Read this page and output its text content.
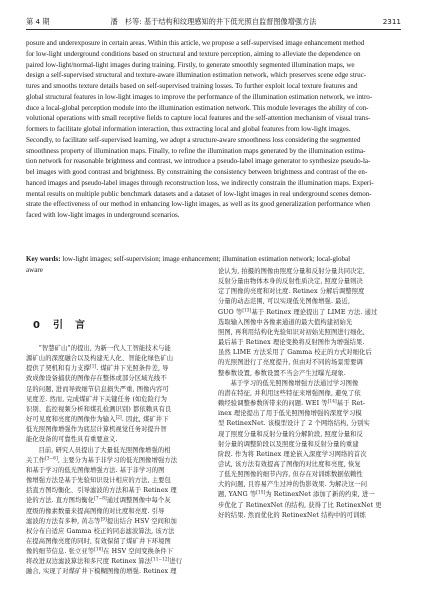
第 4 期	潘　杉等: 基于结构和纹理感知的井下低光照自监督图像增强方法	2311

posure and underexposure in certain areas. Within this article, we propose a self-supervised image enhancement method

for low-light underground conditions based on structural and texture perception, aiming to alleviate the dependence on

paired low-light/normal-light images during training. Firstly, to generate smoothly segmented illumination maps, we

design a self-supervised structural and texture-aware illumination estimation network, which preserves scene edge struc-

tures and smooths texture details based on self-supervised training losses. To further exploit local texture features and

global structural features in low-light images to improve the performance of the illumination estimation network, we intro-

duce a local-global perception module into the illumination estimation network. This module leverages the ability of con-

volutional operations with small receptive fields to capture local features and the self-attention mechanism of visual trans-

formers to facilitate global information interaction, thus extracting local and global features from low-light images.

Secondly, to facilitate self-supervised learning, we adopt a structure-aware smoothness loss considering the segmented

smoothness property of illumination maps. Finally, to refine the illumination maps generated by the illumination estima-

tion network for reasonable brightness and contrast, we introduce a pseudo-label image generator to synthesize pseudo-la-

bel images with good contrast and brightness. By constraining the consistency between brightness and contrast of the en-

hanced images and pseudo-label images through reconstruction loss, we indirectly constrain the illumination maps. Experi-

mental results on multiple public benchmark datasets and a dataset of low-light images in real underground scenes demon-

strate the effectiveness of our method in enhancing low-light images, as well as its good generalization performance when

faced with low-light images in underground scenarios.

Key words: low-light images; self-supervision; image enhancement; illumination estimation network; local-global

aware

0 引　言

“智慧矿山”的提出, 为新一代人工智能技术与能

源矿山的深度融合以及构建无人化、智能化绿色矿山

提供了契机和有力支撑[1]. 煤矿井下光照条件差, 导

致成像设备捕获的图像存在整体或部分区域光线不

足的问题, 进而导致细节信息损失严重, 图像内容可

见度差. 然而, 完成煤矿井下关键任务 (如危险行为

识别、监控视频分析和煤孔检测识别) 都依赖具有良

好可见度和亮度的图像作为输入[2]. 因此, 煤矿井下

低光照图像增强作为底层计算机视觉任务对提升智

能化设备的可靠性具有重要意义.

目前, 研究人员提出了大量低光照图像增强的相

关工作[3−6], 主要分为基于非学习的低光图像增强方法

和基于学习的低光图像增强方法. 基于非学习的图

像增强方法是基于先验知识设计相应的方法, 主要包

括直方图均衡化、引导滤波的方法和基于 Retinex 理

论的方法. 直方图均衡化[7−8]通过调整图像中每个灰

度级的像素数量来提高图像的对比度和亮度. 引导

滤波的方法有多种, 黄志等[9]提出结合 HSV 空间和加

权分布自适应 Gamma 校正的同态滤波算法, 该方法

在提高图像亮度的同时, 有效保留了煤矿井下环境图

像的细节信息. 张立亚等[10]在 HSV 空间变换条件下

将改进双边滤波算法和多尺度 Retinex 算法[11−12]进行

融合, 实现了对煤矿井下模糊图像的增强. Retinex 理

论认为, 拍摄的图像由照度分量和反射分量共同决定,

反射分量由物体本身的反射性质决定, 照度分量则决

定了图像的亮度和对比度. Retinex 分解后调整照度

分量的动态范围, 可以实现低光图像增强. 最近,

GUO 等[13]基于 Retinex 理论提出了 LIME 方法. 通过

选取输入图像中各像素通道的最大值构建初始光

照图, 再利用结构化先验知识对初始光照图进行细化,

最后基于 Retinex 理论变换将反射图作为增强结果.

虽然 LIME 方法采用了 Gamma 校正的方式对细化后

的光照图进行了亮度提升, 但由对不同的场景需要调

整参数设置, 参数设置不当会产生过曝光现象.

基于学习的低光照图像增强方法通过学习图像

的潜在特征, 并利用这些特征来增强图像, 避免了依

赖经验调整参数所带来的问题. WEI 等[14]基于 Ret-

inex 理论提出了用于低光照图像增强的深度学习模

型 RetinexNet. 该模型设计了 2 个网络结构, 分别实

现了照度分量和反射分量的分解阶段, 照度分量和反

射分量的调整阶段以及照度分量和反射分量的重建

阶段. 作为将 Retinex 理论嵌入深度学习网络的首次

尝试, 该方法有效提高了图像的对比度和亮度, 恢复

了低光照图像的细节内容, 但存在对训练数据依赖性

大的问题, 且容易产生过冲的伪影效果. 为解决这一问

题, YANG 等[15]为 RetinexNet 添加了新的约束, 进一

步优化了 RetinexNet 的结构, 获得了比 RetinexNet 更

好的结果. 然而优化的 RetinexNet 结构中的可训练
